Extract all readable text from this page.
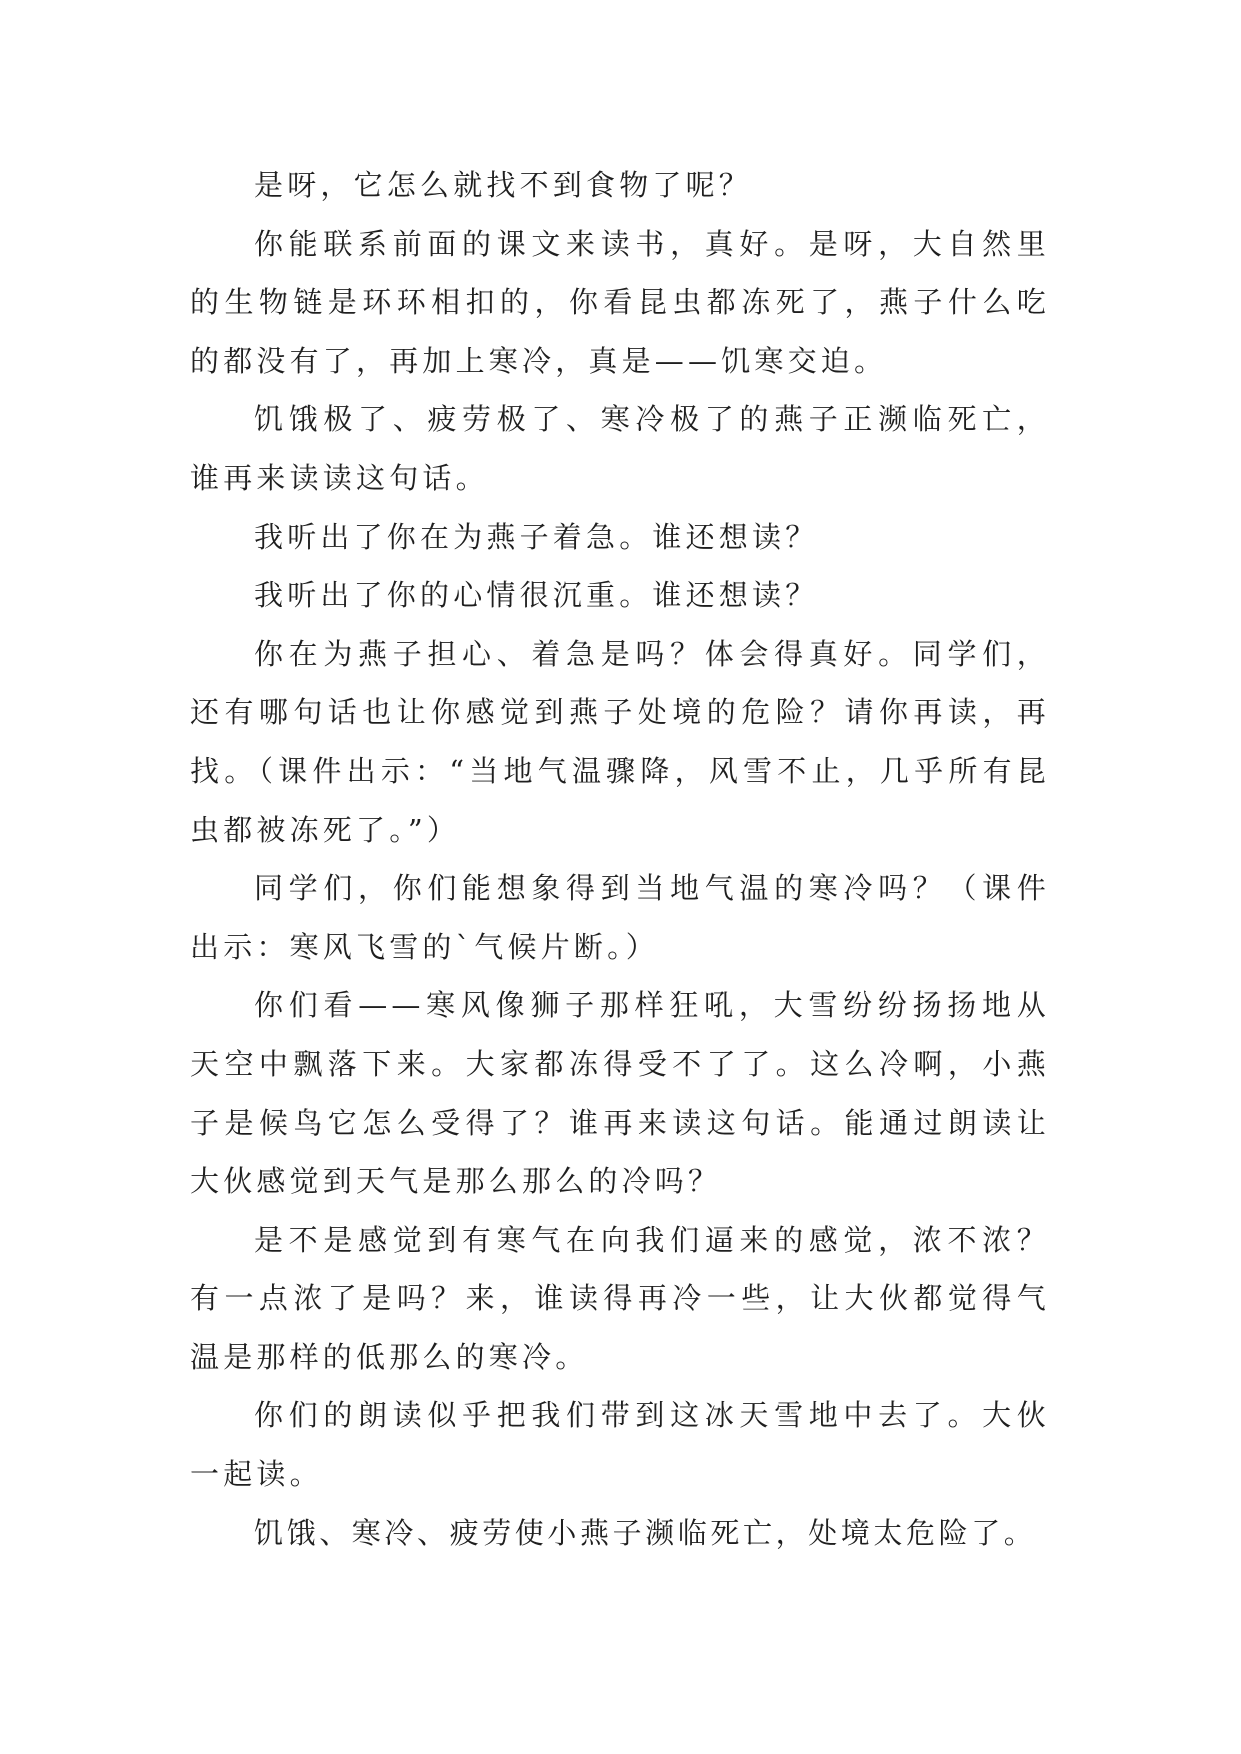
是呀，它怎么就找不到食物了呢？

你能联系前面的课文来读书，真好。是呀，大自然里的生物链是环环相扣的，你看昆虫都冻死了，燕子什么吃的都没有了，再加上寒冷，真是——饥寒交迫。

饥饿极了、疲劳极了、寒冷极了的燕子正濒临死亡，谁再来读读这句话。

我听出了你在为燕子着急。谁还想读？

我听出了你的心情很沉重。谁还想读？

你在为燕子担心、着急是吗？体会得真好。同学们，还有哪句话也让你感觉到燕子处境的危险？请你再读，再找。（课件出示：“当地气温骤降，风雪不止，几乎所有昆虫都被冻死了。”）

同学们，你们能想象得到当地气温的寒冷吗？（课件出示：寒风飞雪的`气候片断。）

你们看——寒风像狮子那样狂吼，大雪纷纷扬扬地从天空中飘落下来。大家都冻得受不了了。这么冷啊，小燕子是候鸟它怎么受得了？谁再来读这句话。能通过朗读让大伙感觉到天气是那么那么的冷吗？

是不是感觉到有寒气在向我们逼来的感觉，浓不浓？有一点浓了是吗？来，谁读得再冷一些，让大伙都觉得气温是那样的低那么的寒冷。

你们的朗读似乎把我们带到这冰天雪地中去了。大伙一起读。

饥饿、寒冷、疲劳使小燕子濒临死亡，处境太危险了。
